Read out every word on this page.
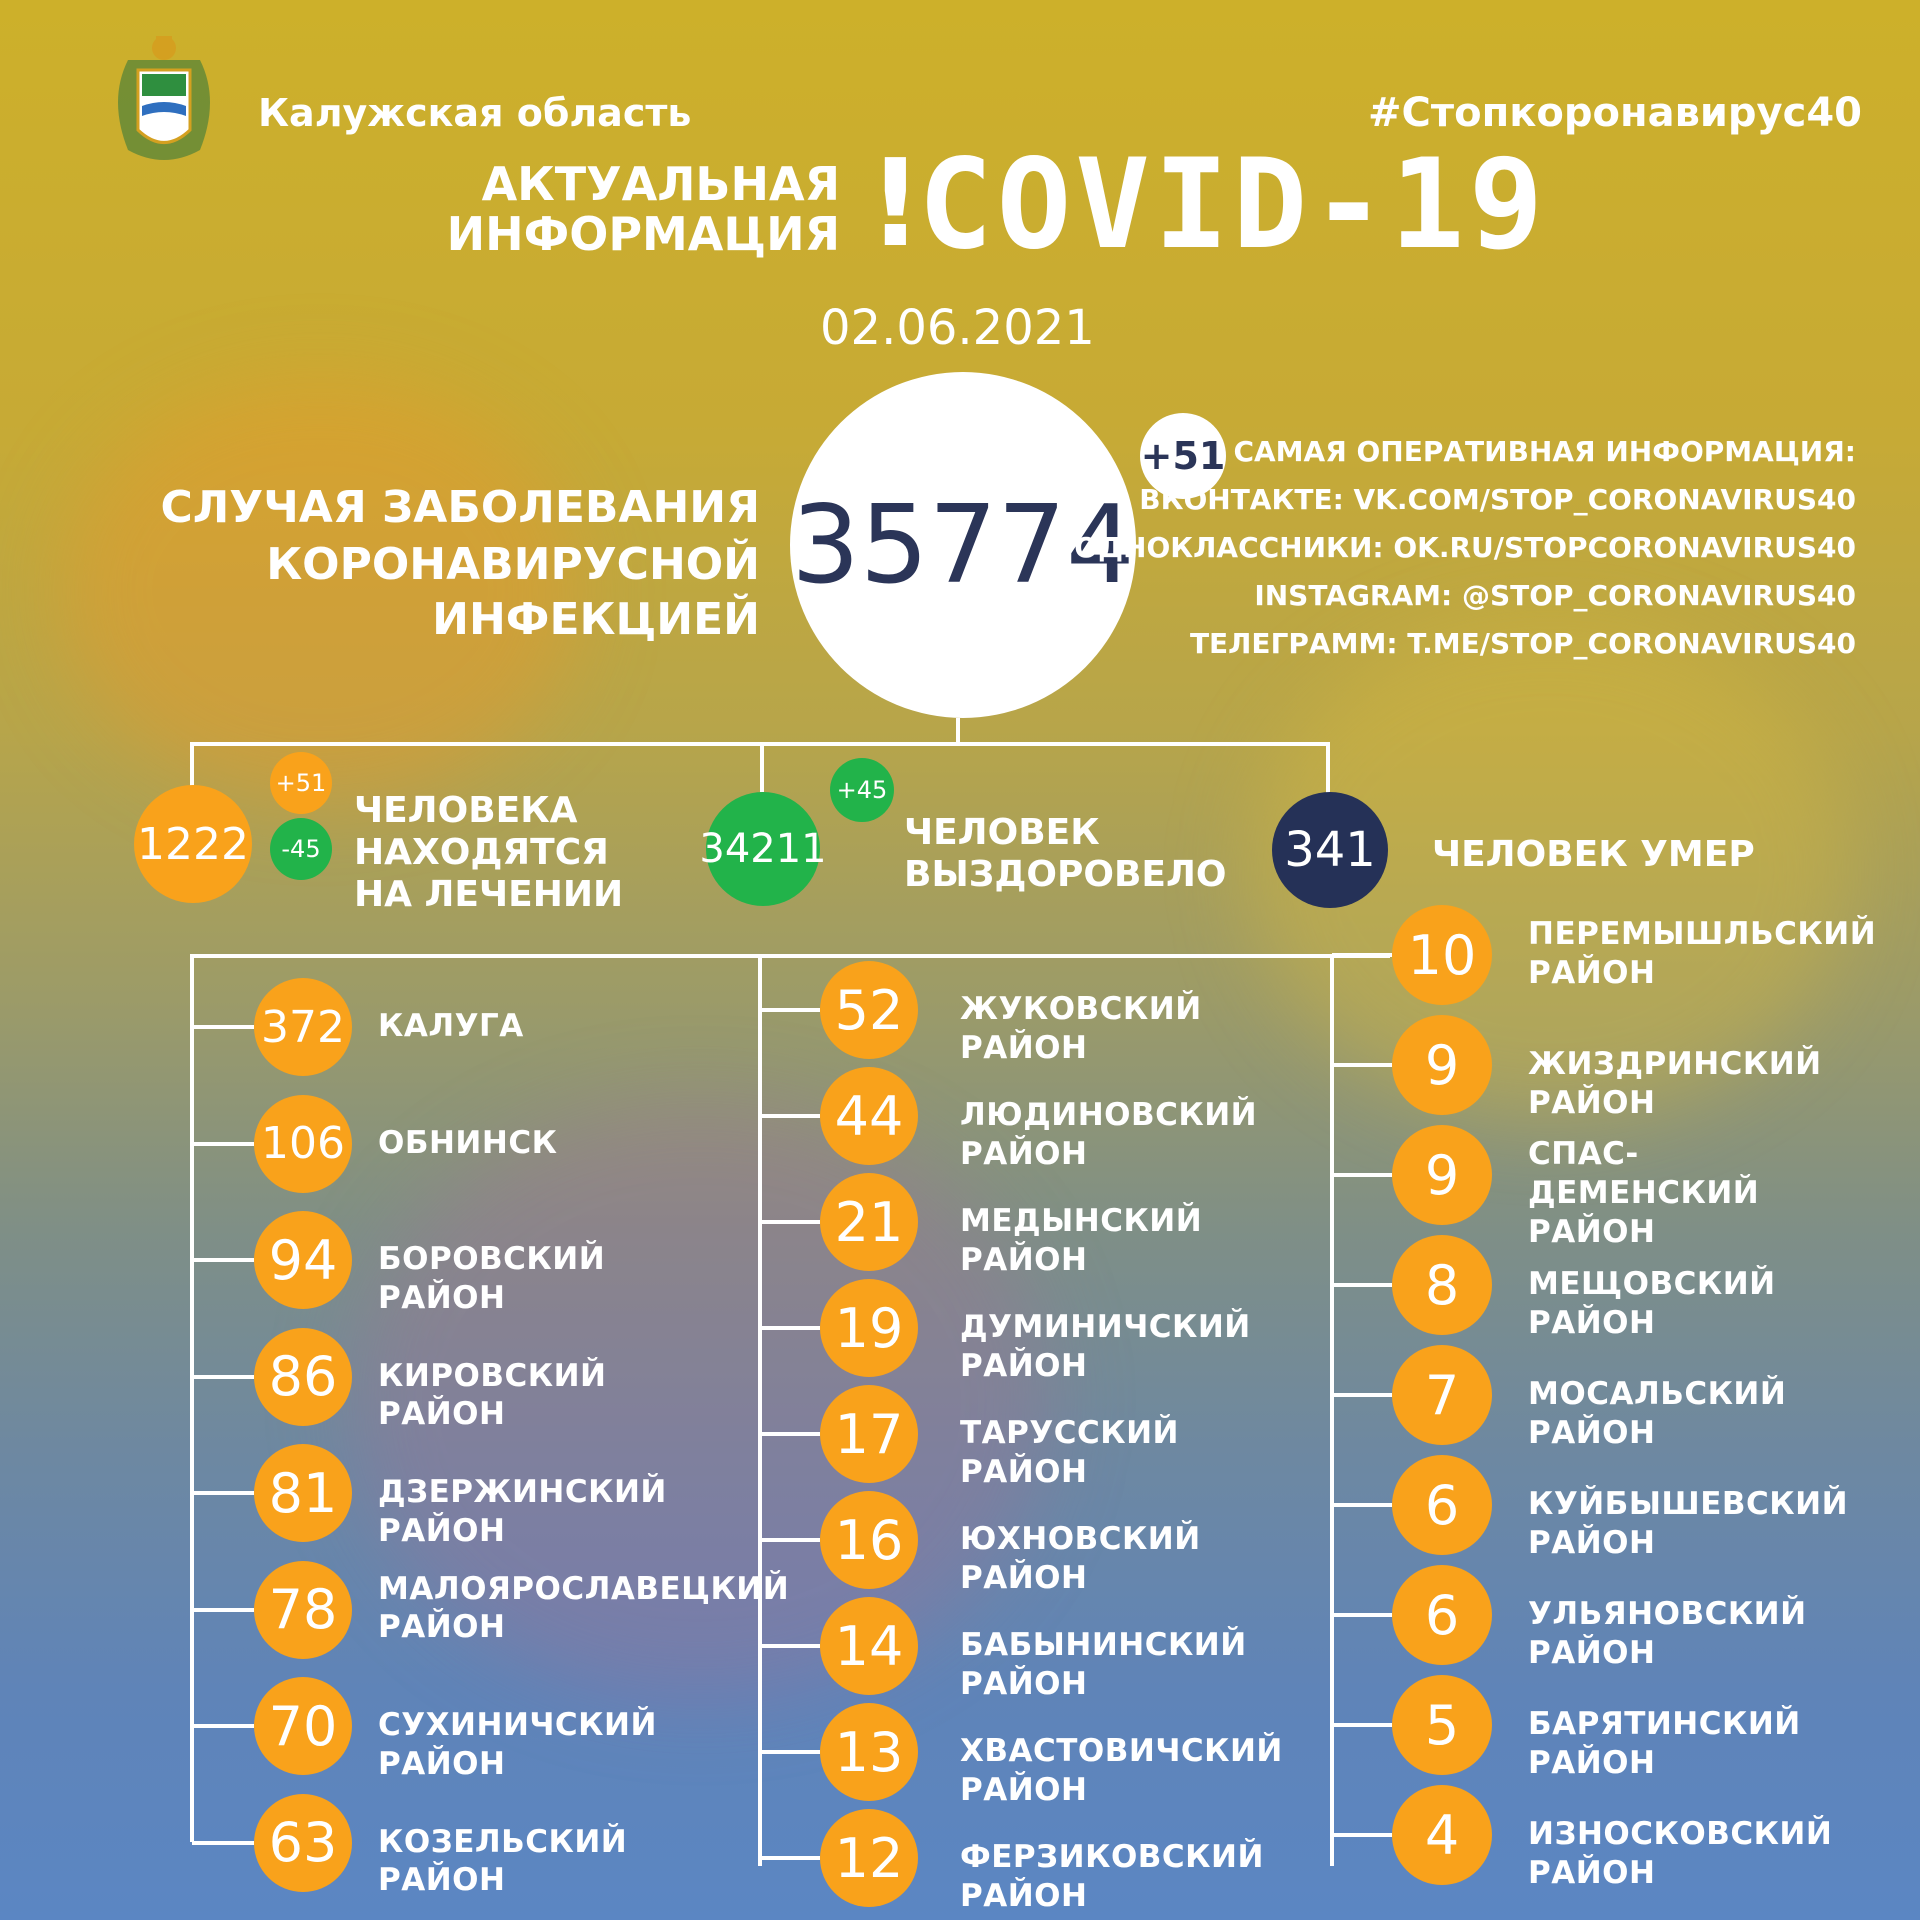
Калужская область	#Стопкоронавирус40
АКТУАЛЬНАЯ
ИНФОРМАЦИЯ !
COVID-19
02.06.2021
СЛУЧАЯ ЗАБОЛЕВАНИЯ
КОРОНАВИРУСНОЙ ИНФЕКЦИЕЙ
35774
+51 САМАЯ ОПЕРАТИВНАЯ ИНФОРМАЦИЯ:
ВКОНТАКТЕ: VK.COM/STOP_CORONAVIRUS40
ОДНОКЛАССНИКИ: OK.RU/STOPCORONAVIRUS40
INSTAGRAM: @STOP_CORONAVIRUS40
ТЕЛЕГРАММ: T.ME/STOP_CORONAVIRUS40
1222
+51
-45
ЧЕЛОВЕКА
НАХОДЯТСЯ
НА ЛЕЧЕНИИ
34211
+45
ЧЕЛОВЕК
ВЫЗДОРОВЕЛО 341 ЧЕЛОВЕК УМЕР
372 КАЛУГА
106 ОБНИНСК
94 БОРОВСКИЙ РАЙОН
86 КИРОВСКИЙ РАЙОН
81 ДЗЕРЖИНСКИЙ РАЙОН
78 МАЛОЯРОСЛАВЕЦКИЙ
РАЙОН
70 СУХИНИЧСКИЙ РАЙОН
63 КОЗЕЛЬСКИЙ РАЙОН
52 ЖУКОВСКИЙ РАЙОН
44 ЛЮДИНОВСКИЙ РАЙОН
21 МЕДЫНСКИЙ РАЙОН
19 ДУМИНИЧСКИЙ РАЙОН
17 ТАРУССКИЙ РАЙОН
16 ЮХНОВСКИЙ РАЙОН
14 БАБЫНИНСКИЙ РАЙОН
13 ХВАСТОВИЧСКИЙ РАЙОН
12 ФЕРЗИКОВСКИЙ РАЙОН
10 ПЕРЕМЫШЛЬСКИЙ
РАЙОН
9 ЖИЗДРИНСКИЙ РАЙОН
9 СПАС-ДЕМЕНСКИЙ
РАЙОН
8 МЕЩОВСКИЙ РАЙОН
7 МОСАЛЬСКИЙ РАЙОН
6 КУЙБЫШЕВСКИЙ РАЙОН
6 УЛЬЯНОВСКИЙ РАЙОН
5 БАРЯТИНСКИЙ РАЙОН
4 ИЗНОСКОВСКИЙ РАЙОН
